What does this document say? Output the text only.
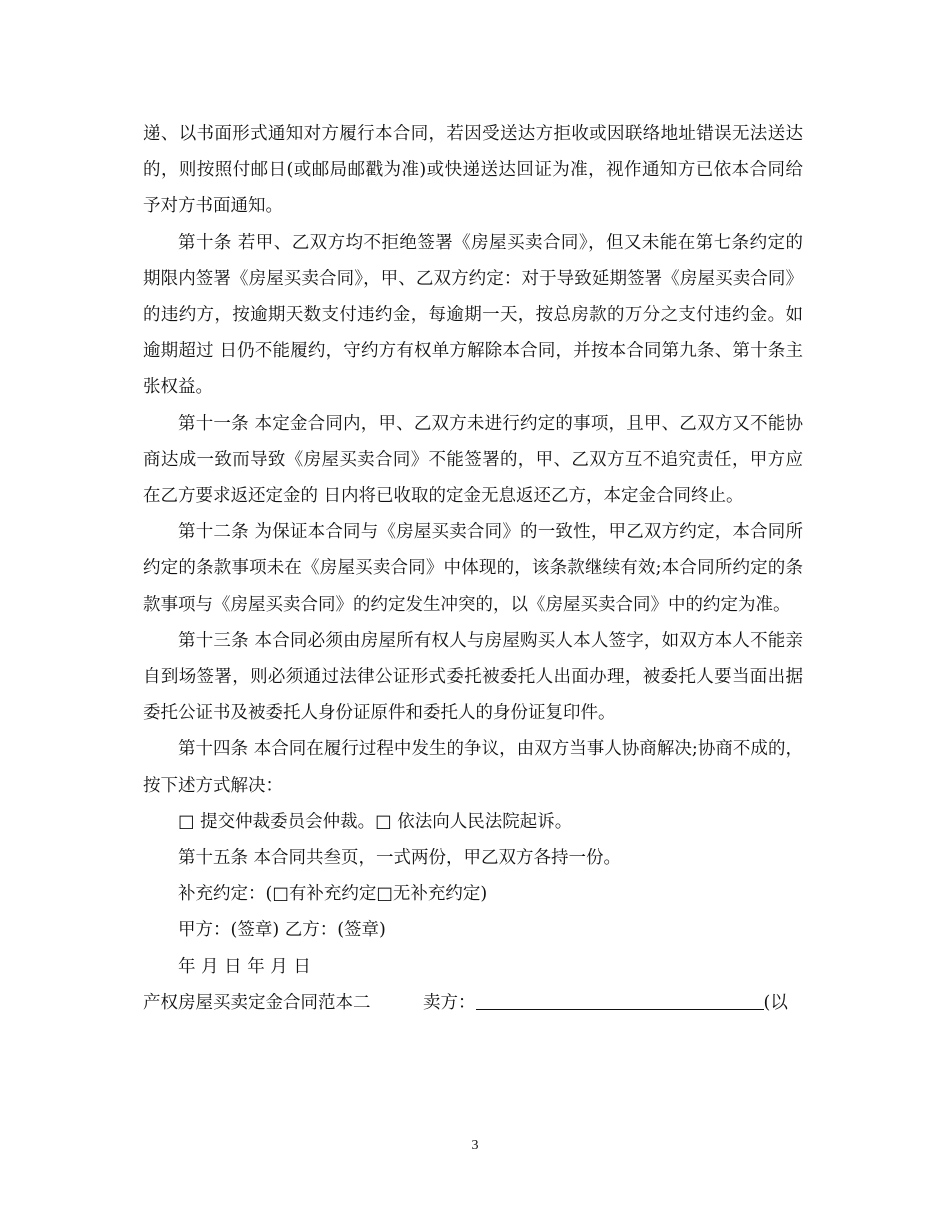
递、以书面形式通知对方履行本合同，若因受送达方拒收或因联络地址错误无法送达的，则按照付邮日(或邮局邮戳为准)或快递送达回证为准，视作通知方已依本合同给予对方书面通知。

第十条 若甲、乙双方均不拒绝签署《房屋买卖合同》，但又未能在第七条约定的期限内签署《房屋买卖合同》，甲、乙双方约定：对于导致延期签署《房屋买卖合同》的违约方，按逾期天数支付违约金，每逾期一天，按总房款的万分之支付违约金。如逾期超过 日仍不能履约，守约方有权单方解除本合同，并按本合同第九条、第十条主张权益。

第十一条 本定金合同内，甲、乙双方未进行约定的事项，且甲、乙双方又不能协商达成一致而导致《房屋买卖合同》不能签署的，甲、乙双方互不追究责任，甲方应在乙方要求返还定金的 日内将已收取的定金无息返还乙方，本定金合同终止。

第十二条 为保证本合同与《房屋买卖合同》的一致性，甲乙双方约定，本合同所约定的条款事项未在《房屋买卖合同》中体现的，该条款继续有效;本合同所约定的条款事项与《房屋买卖合同》的约定发生冲突的，以《房屋买卖合同》中的约定为准。

第十三条 本合同必须由房屋所有权人与房屋购买人本人签字，如双方本人不能亲自到场签署，则必须通过法律公证形式委托被委托人出面办理，被委托人要当面出据委托公证书及被委托人身份证原件和委托人的身份证复印件。

第十四条 本合同在履行过程中发生的争议，由双方当事人协商解决;协商不成的，按下述方式解决：

□ 提交仲裁委员会仲裁。□ 依法向人民法院起诉。

第十五条 本合同共叁页，一式两份，甲乙双方各持一份。

补充约定：(□有补充约定□无补充约定)

甲方：(签章) 乙方：(签章)

年 月 日 年 月 日

产权房屋买卖定金合同范本二	卖方：	(以

3
